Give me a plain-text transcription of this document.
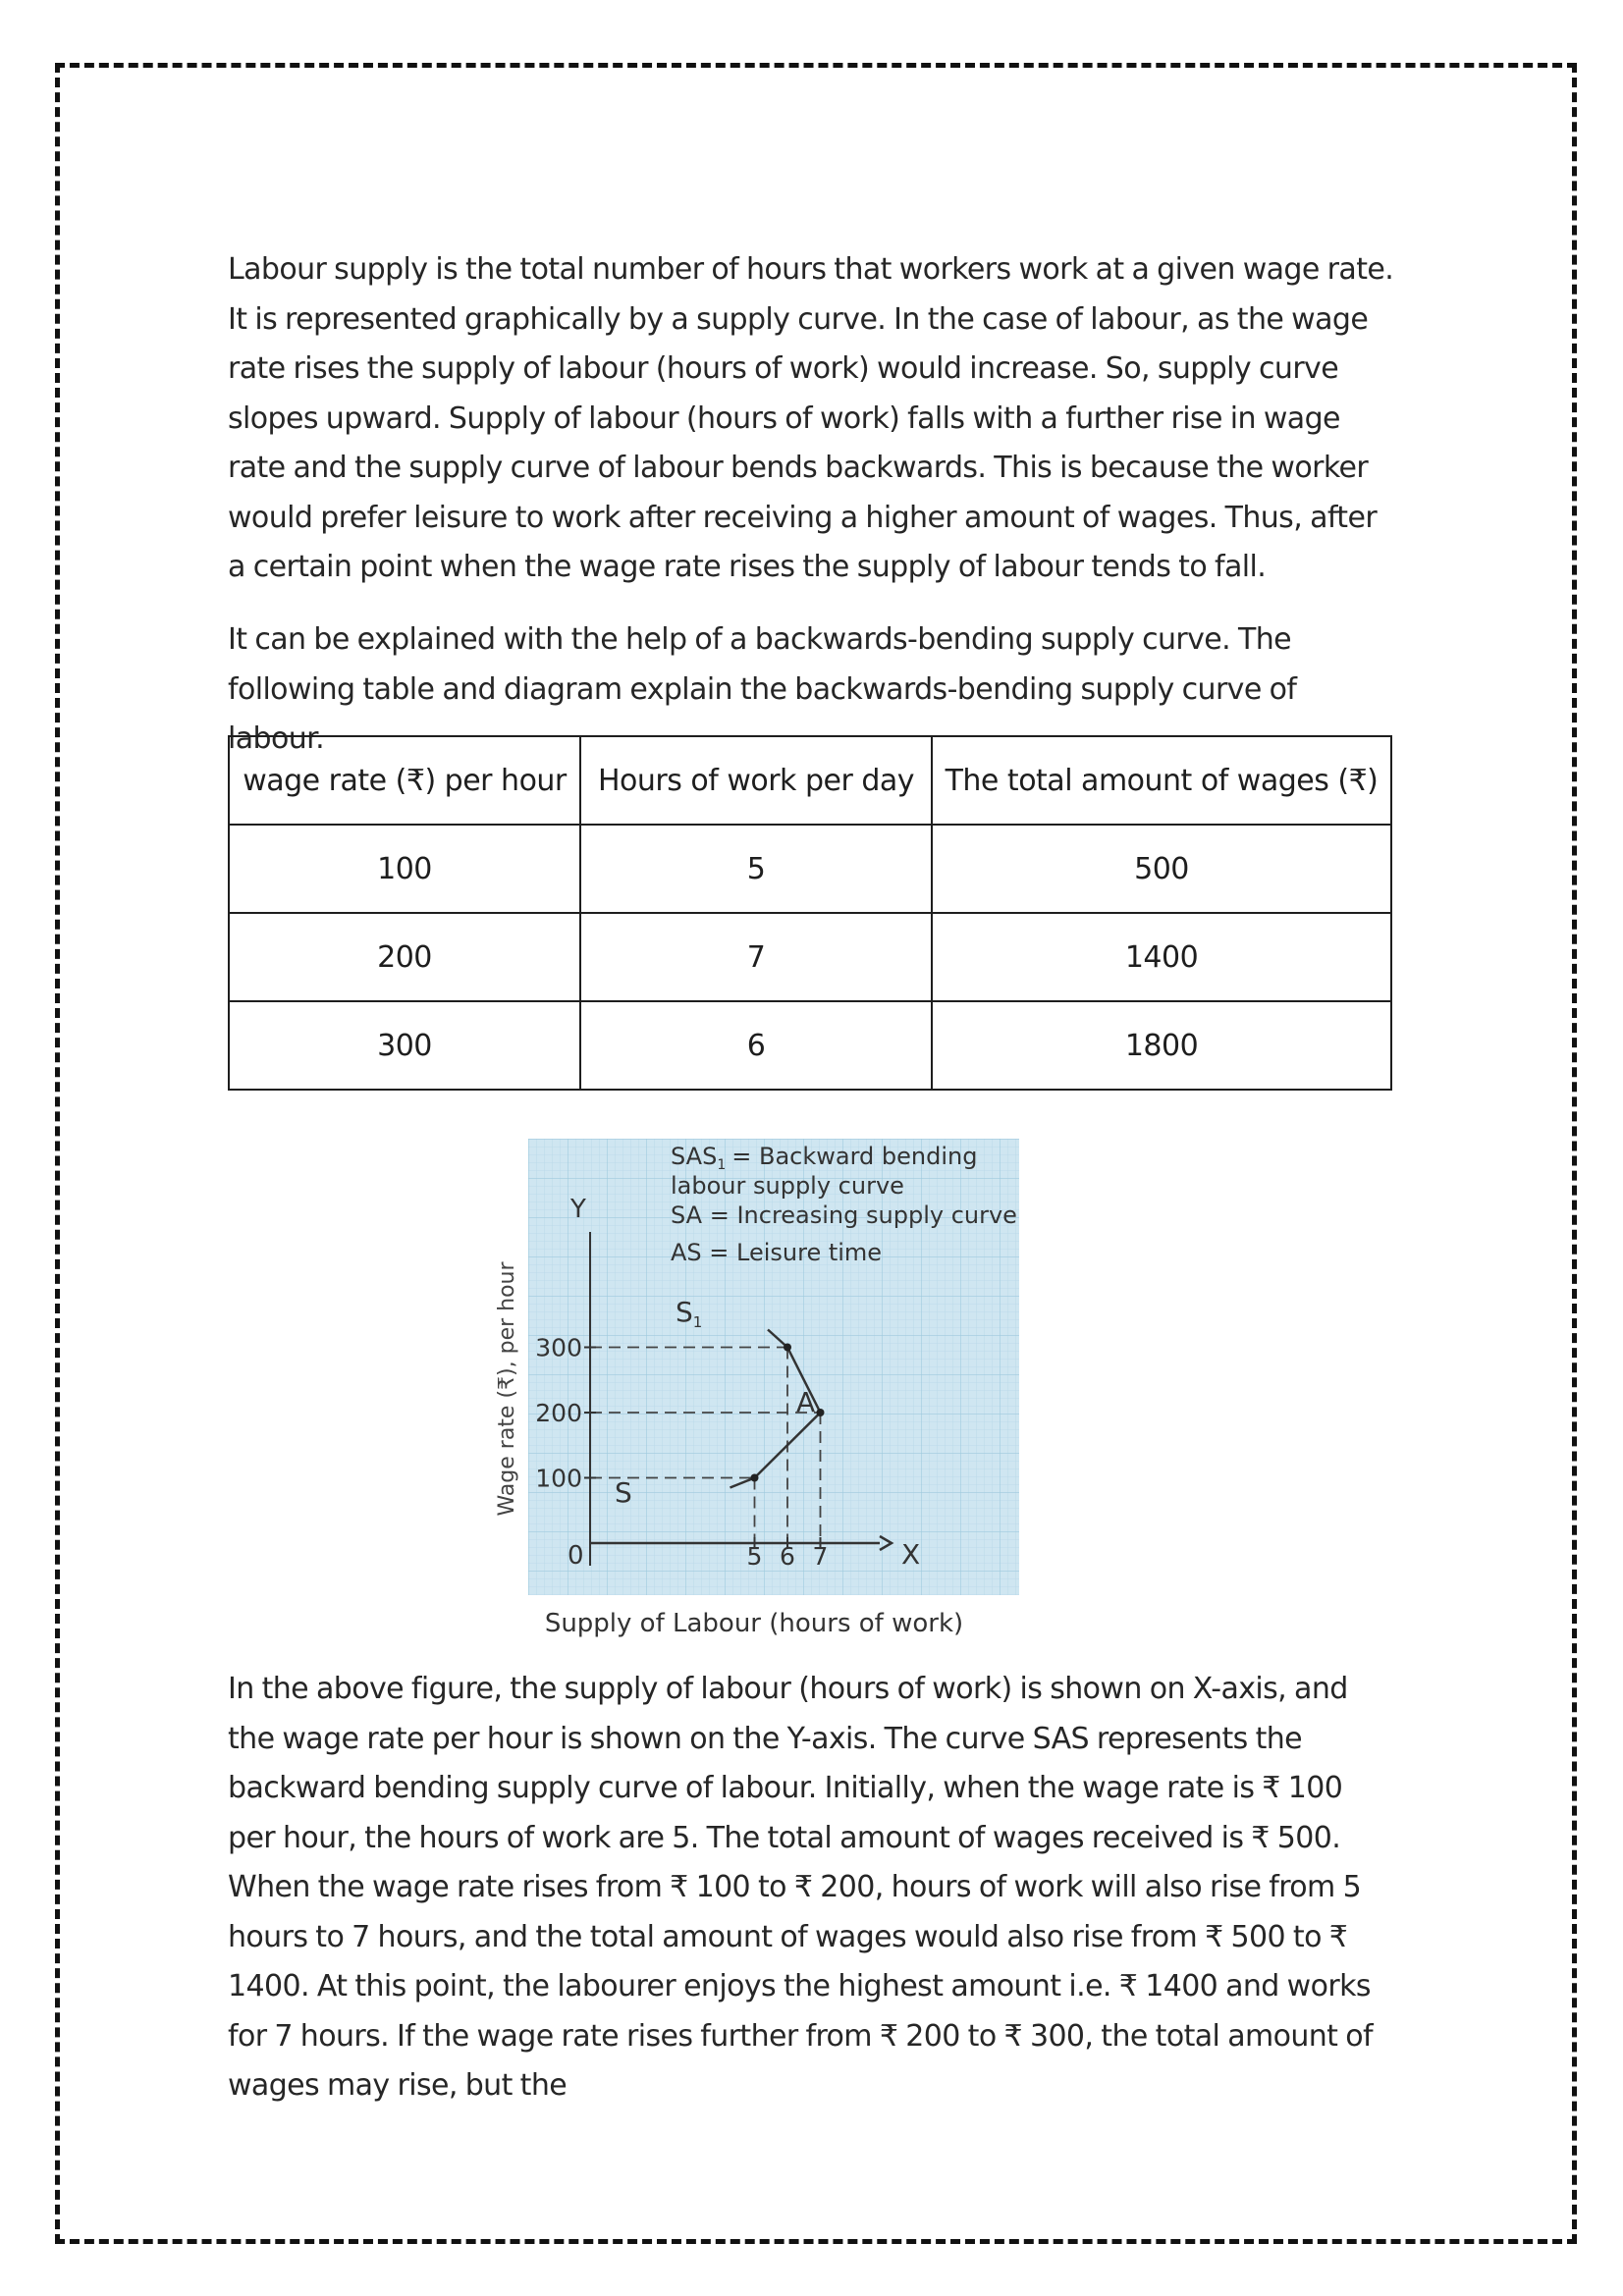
Labour supply is the total number of hours that workers work at a given wage rate. It is represented graphically by a supply curve. In the case of labour, as the wage rate rises the supply of labour (hours of work) would increase. So, supply curve slopes upward. Supply of labour (hours of work) falls with a further rise in wage rate and the supply curve of labour bends backwards. This is because the worker would prefer leisure to work after receiving a higher amount of wages. Thus, after a certain point when the wage rate rises the supply of labour tends to fall.

It can be explained with the help of a backwards-bending supply curve. The following table and diagram explain the backwards-bending supply curve of labour.

wage rate (₹) per hour	Hours of work per day	The total amount of wages (₹)
100	5	500
200	7	1400
300	6	1800
$SAS_1$ = Backward bending
labour supply curve
SA = Increasing supply curve
AS = Leisure time
Wage rate (₹), per hour 100
200
300
5 6 7
Y
X
0
$S_1$
A
S
Supply of Labour (hours of work)

In the above figure, the supply of labour (hours of work) is shown on X-axis, and the wage rate per hour is shown on the Y-axis. The curve SAS represents the backward bending supply curve of labour. Initially, when the wage rate is ₹ 100 per hour, the hours of work are 5. The total amount of wages received is ₹ 500. When the wage rate rises from ₹ 100 to ₹ 200, hours of work will also rise from 5 hours to 7 hours, and the total amount of wages would also rise from ₹ 500 to ₹ 1400. At this point, the labourer enjoys the highest amount i.e. ₹ 1400 and works for 7 hours. If the wage rate rises further from ₹ 200 to ₹ 300, the total amount of wages may rise, but the
